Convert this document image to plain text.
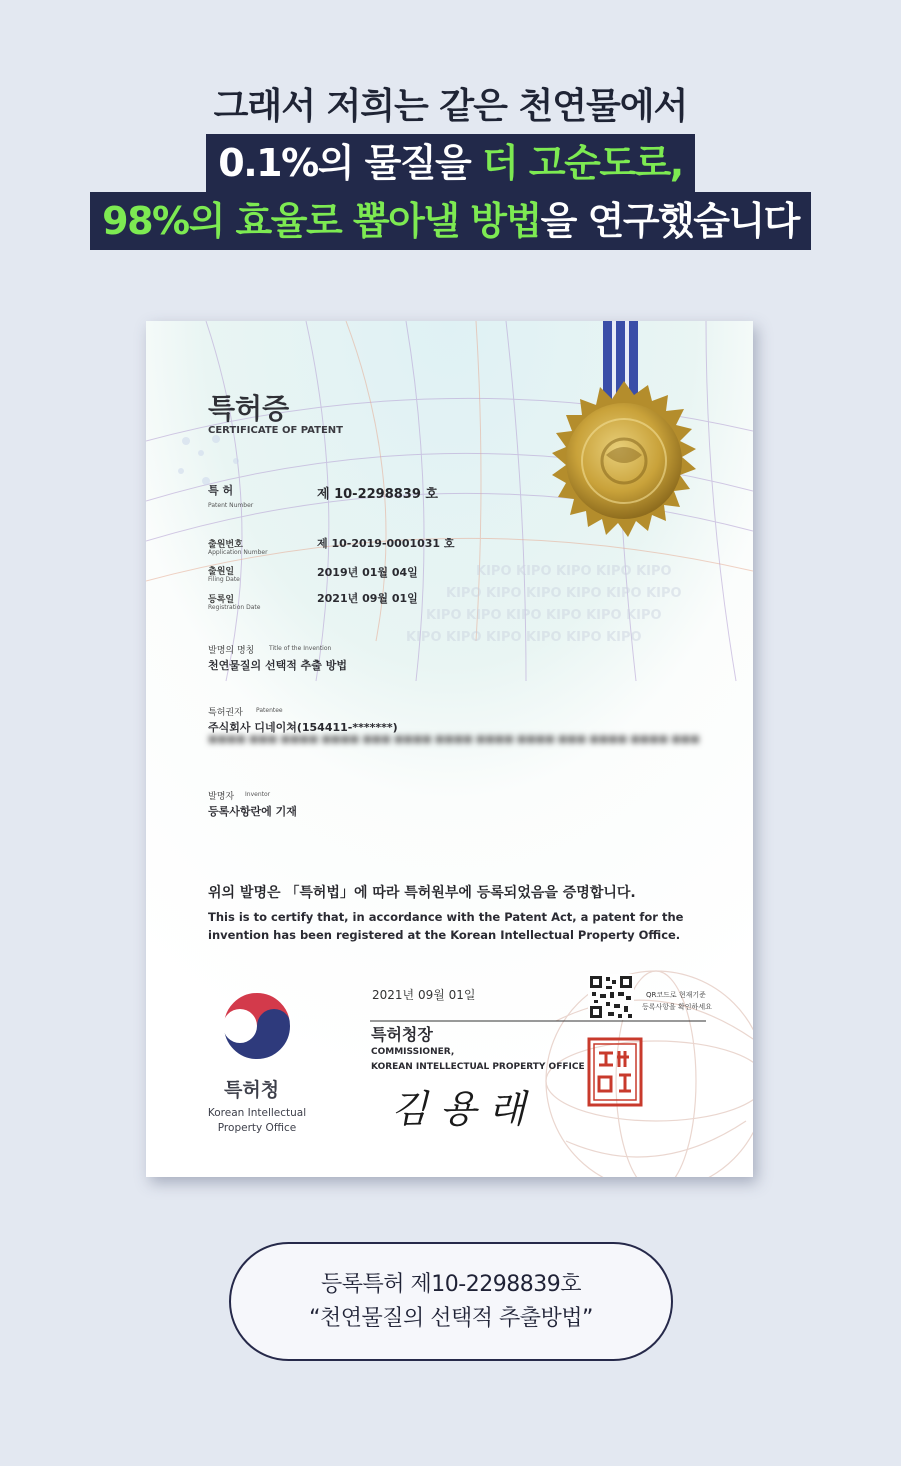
그래서 저희는 같은 천연물에서
0.1%의 물질을 더 고순도로,
98%의 효율로 뽑아낼 방법을 연구했습니다
KIPO KIPO KIPO KIPO KIPO
KIPO KIPO KIPO KIPO KIPO KIPO
KIPO KIPO KIPO KIPO KIPO KIPO
KIPO KIPO KIPO KIPO KIPO KIPO
특허증
CERTIFICATE OF PATENT
특 허
Patent Number
제 10-2298839 호
출원번호
Application Number
제 10-2019-0001031 호
출원일
Filing Date
2019년 01월 04일
등록일
Registration Date
2021년 09월 01일
발명의 명칭 Title of the Invention
천연물질의 선택적 추출 방법
특허권자 Patentee
주식회사 디네이쳐(154411-*******)
■■■■ ■■■ ■■■■ ■■■■ ■■■ ■■■■ ■■■■ ■■■■ ■■■■ ■■■ ■■■■ ■■■■ ■■■
발명자 Inventor
등록사항란에 기재
위의 발명은 「특허법」에 따라 특허원부에 등록되었음을 증명합니다.
This is to certify that, in accordance with the Patent Act, a patent for the
invention has been registered at the Korean Intellectual Property Office.
2021년 09월 01일	QR코드로 현재기준
등록사항을 확인하세요
특허청장
COMMISSIONER,
KOREAN INTELLECTUAL PROPERTY OFFICE
김 용 래
특허청
Korean Intellectual
Property Office
등록특허 제10-2298839호
“천연물질의 선택적 추출방법”
